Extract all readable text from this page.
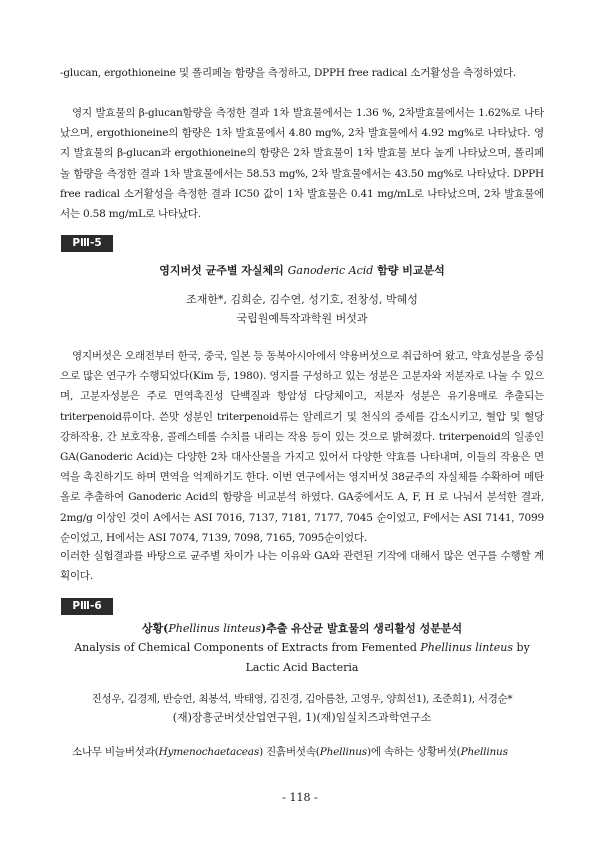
-glucan, ergothioneine 및 폴리페놀 함량을 측정하고, DPPH free radical 소거활성을 측정하였다.

영지 발효물의 β-glucan함량을 측정한 결과 1차 발효물에서는 1.36 %, 2차발효물에서는 1.62%로 나타났으며, ergothioneine의 함량은 1차 발효물에서 4.80 mg%, 2차 발효물에서 4.92 mg%로 나타났다. 영지 발효물의 β-glucan과 ergothioneine의 함량은 2차 발효물이 1차 발효물 보다 높게 나타났으며, 폴리페놀 함량을 측정한 결과 1차 발효물에서는 58.53 mg%, 2차 발효물에서는 43.50 mg%로 나타났다. DPPH free radical 소거활성을 측정한 결과 IC50 값이 1차 발효물은 0.41 mg/mL로 나타났으며, 2차 발효물에서는 0.58 mg/mL로 나타났다.

PⅢ-5

영지버섯 균주별 자실체의 Ganoderic Acid 함량 비교분석

조재한*, 김희순, 김수연, 성기호, 전창성, 박혜성

국립원예특작과학원 버섯과

영지버섯은 오래전부터 한국, 중국, 일본 등 동북아시아에서 약용버섯으로 취급하여 왔고, 약효성분을 중심으로 많은 연구가 수행되었다(Kim 등, 1980). 영지를 구성하고 있는 성분은 고분자와 저분자로 나눌 수 있으며, 고분자성분은 주로 면역촉진성 단백질과 항암성 다당체이고, 저분자 성분은 유기용매로 추출되는 triterpenoid류이다. 쓴맛 성분인 triterpenoid류는 알레르기 및 천식의 증세를 감소시키고, 혈압 및 혈당 강하작용, 간 보호작용, 콜레스테롤 수치를 내리는 작용 등이 있는 것으로 밝혀졌다. triterpenoid의 일종인 GA(Ganoderic Acid)는 다양한 2차 대사산물을 가지고 있어서 다양한 약효를 나타내며, 이들의 작용은 면역을 촉진하기도 하며 면역을 억제하기도 한다. 이번 연구에서는 영지버섯 38균주의 자실체를 수확하여 메탄올로 추출하여 Ganoderic Acid의 함량을 비교분석 하였다. GA중에서도 A, F, H 로 나눠서 분석한 결과, 2mg/g 이상인 것이 A에서는 ASI 7016, 7137, 7181, 7177, 7045 순이었고, F에서는 ASI 7141, 7099순이었고, H에서는 ASI 7074, 7139, 7098, 7165, 7095순이었다.

이러한 실험결과를 바탕으로 균주별 차이가 나는 이유와 GA와 관련된 기작에 대해서 많은 연구를 수행할 계획이다.

PⅢ-6

상황(Phellinus linteus)추출 유산균 발효물의 생리활성 성분분석

Analysis of Chemical Components of Extracts from Femented Phellinus linteus by Lactic Acid Bacteria

진성우, 김경제, 반승언, 최봉석, 박태영, 김진경, 김아름찬, 고영우, 양희선1), 조준희1), 서경순*

(재)장흥군버섯산업연구원, 1)(재)임실치즈과학연구소

소나무 비늘버섯과(Hymenochaetaceas) 진흙버섯속(Phellinus)에 속하는 상황버섯(Phellinus

- 118 -
